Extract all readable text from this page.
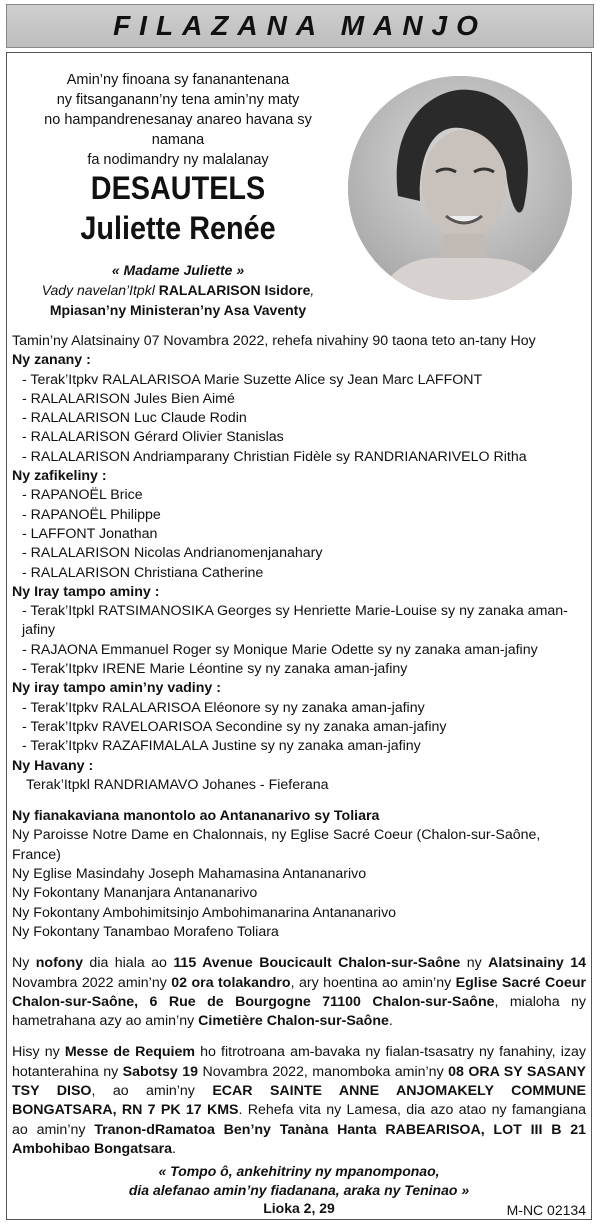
FILAZANA MANJO
Amin’ny finoana sy fananantenana
ny fitsanganann’ny tena amin’ny maty
no hampandrenesanay anareo havana sy namana
fa nodimandry ny malalanay
DESAUTELS
Juliette Renée
« Madame Juliette »
Vady navelan’Itpkl RALALARISON Isidore,
Mpiasan’ny Ministeran’ny Asa Vaventy

Tamin’ny Alatsinainy 07 Novambra 2022, rehefa nivahiny 90 taona teto an-tany Hoy

Ny zanany :

- Terak’Itpkv RALALARISOA Marie Suzette Alice sy Jean Marc LAFFONT

- RALALARISON Jules Bien Aimé

- RALALARISON Luc Claude Rodin

- RALALARISON Gérard Olivier Stanislas

- RALALARISON Andriamparany Christian Fidèle sy RANDRIANARIVELO Ritha

Ny zafikeliny :

- RAPANOËL Brice

- RAPANOËL Philippe

- LAFFONT Jonathan

- RALALARISON Nicolas Andrianomenjanahary

- RALALARISON Christiana Catherine

Ny Iray tampo aminy :

- Terak’Itpkl RATSIMANOSIKA Georges sy Henriette Marie-Louise sy ny zanaka aman-jafiny

- RAJAONA Emmanuel Roger sy Monique Marie Odette sy ny zanaka aman-jafiny

- Terak’Itpkv IRENE Marie Léontine sy ny zanaka aman-jafiny

Ny iray tampo amin’ny vadiny :

- Terak’Itpkv RALALARISOA Eléonore sy ny zanaka aman-jafiny

- Terak’Itpkv RAVELOARISOA Secondine sy ny zanaka aman-jafiny

- Terak’Itpkv RAZAFIMALALA Justine sy ny zanaka aman-jafiny

Ny Havany :

Terak’Itpkl RANDRIAMAVO Johanes - Fieferana

Ny fianakaviana manontolo ao Antananarivo sy Toliara

Ny Paroisse Notre Dame en Chalonnais, ny Eglise Sacré Coeur (Chalon-sur-Saône, France)

Ny Eglise Masindahy Joseph Mahamasina Antananarivo

Ny Fokontany Mananjara Antananarivo

Ny Fokontany Ambohimitsinjo Ambohimanarina Antananarivo

Ny Fokontany Tanambao Morafeno Toliara

Ny nofony dia hiala ao 115 Avenue Boucicault Chalon-sur-Saône ny Alatsinainy 14 Novambra 2022 amin’ny 02 ora tolakandro, ary hoentina ao amin’ny Eglise Sacré Coeur Chalon-sur-Saône, 6 Rue de Bourgogne 71100 Chalon-sur-Saône, mialoha ny hametrahana azy ao amin’ny Cimetière Chalon-sur-Saône.

Hisy ny Messe de Requiem ho fitrotroana am-bavaka ny fialan-tsasatry ny fanahiny, izay hotanterahina ny Sabotsy 19 Novambra 2022, manomboka amin’ny 08 ORA SY SASANY TSY DISO, ao amin’ny ECAR SAINTE ANNE ANJOMAKELY COMMUNE BONGATSARA, RN 7 PK 17 KMS. Rehefa vita ny Lamesa, dia azo atao ny famangiana ao amin’ny Tranon-dRamatoa Ben’ny Tanàna Hanta RABEARISOA, LOT III B 21 Ambohibao Bongatsara.

« Tompo ô, ankehitriny ny mpanomponao,
dia alefanao amin’ny fiadanana, araka ny Teninao »
Lioka 2, 29	M-NC 02134
